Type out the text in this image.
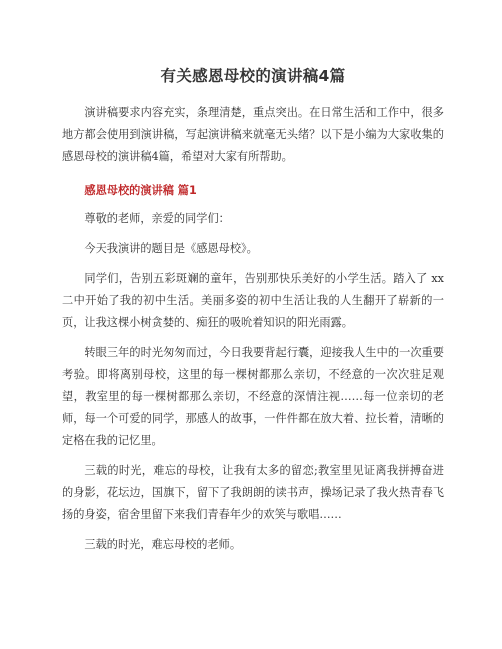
有关感恩母校的演讲稿4篇

演讲稿要求内容充实，条理清楚，重点突出。在日常生活和工作中，很多地方都会使用到演讲稿，写起演讲稿来就毫无头绪？以下是小编为大家收集的感恩母校的演讲稿4篇，希望对大家有所帮助。

感恩母校的演讲稿 篇1

尊敬的老师，亲爱的同学们：

今天我演讲的题目是《感恩母校》。

同学们，告别五彩斑斓的童年，告别那快乐美好的小学生活。踏入了 xx 二中开始了我的初中生活。美丽多姿的初中生活让我的人生翻开了崭新的一页，让我这棵小树贪婪的、痴狂的吸吮着知识的阳光雨露。

转眼三年的时光匆匆而过，今日我要背起行囊，迎接我人生中的一次重要考验。即将离别母校，这里的每一棵树都那么亲切，不经意的一次次驻足观望，教室里的每一棵树都那么亲切，不经意的深情注视……每一位亲切的老师，每一个可爱的同学，那感人的故事，一件件都在放大着、拉长着，清晰的定格在我的记忆里。

三载的时光，难忘的母校，让我有太多的留恋;教室里见证离我拼搏奋进的身影，花坛边，国旗下，留下了我朗朗的读书声，操场记录了我火热青春飞扬的身姿，宿舍里留下来我们青春年少的欢笑与歌唱……

三载的时光，难忘母校的老师。
